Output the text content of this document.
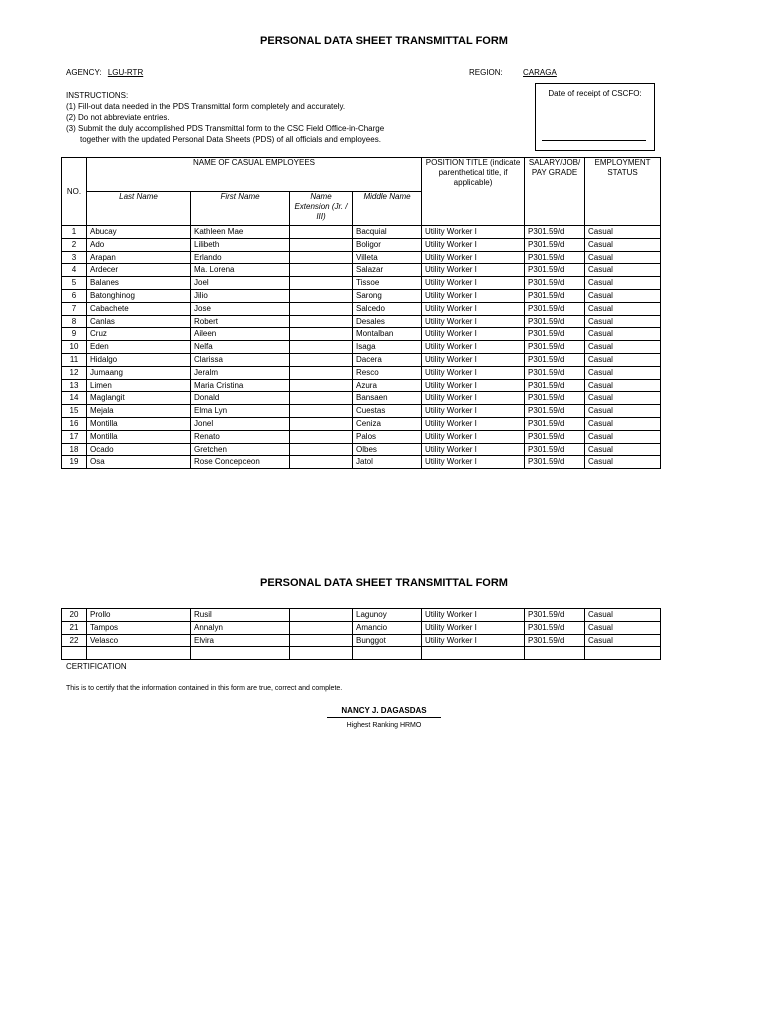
PERSONAL DATA SHEET TRANSMITTAL FORM
AGENCY: LGU-RTR	REGION:	CARAGA
Date of receipt of CSCFO:
INSTRUCTIONS:
(1) Fill-out data needed in the PDS Transmittal form completely and accurately.
(2) Do not abbreviate entries.
(3) Submit the duly accomplished PDS Transmittal form to the CSC Field Office-in-Charge
together with the updated Personal Data Sheets (PDS) of all officials and employees.
NO.	NAME OF CASUAL EMPLOYEES				POSITION TITLE (indicate parenthetical title, if applicable)	SALARY/JOB/ PAY GRADE	EMPLOYMENT STATUS
	Last Name	First Name	Name Extension (Jr. / III)	Middle Name			
1	Abucay	Kathleen Mae		Bacquial	Utility Worker I	P301.59/d	Casual
2	Ado	Lilibeth		Boligor	Utility Worker I	P301.59/d	Casual
3	Arapan	Erlando		Villeta	Utility Worker I	P301.59/d	Casual
4	Ardecer	Ma. Lorena		Salazar	Utility Worker I	P301.59/d	Casual
5	Balanes	Joel		Tissoe	Utility Worker I	P301.59/d	Casual
6	Batonghinog	Jilio		Sarong	Utility Worker I	P301.59/d	Casual
7	Cabachete	Jose		Salcedo	Utility Worker I	P301.59/d	Casual
8	Canlas	Robert		Desales	Utility Worker I	P301.59/d	Casual
9	Cruz	Aileen		Montalban	Utility Worker I	P301.59/d	Casual
10	Eden	Nelfa		Isaga	Utility Worker I	P301.59/d	Casual
11	Hidalgo	Clarissa		Dacera	Utility Worker I	P301.59/d	Casual
12	Jumaang	Jeralm		Resco	Utility Worker I	P301.59/d	Casual
13	Limen	Maria Cristina		Azura	Utility Worker I	P301.59/d	Casual
14	Maglangit	Donald		Bansaen	Utility Worker I	P301.59/d	Casual
15	Mejala	Elma Lyn		Cuestas	Utility Worker I	P301.59/d	Casual
16	Montilla	Jonel		Ceniza	Utility Worker I	P301.59/d	Casual
17	Montilla	Renato		Palos	Utility Worker I	P301.59/d	Casual
18	Ocado	Gretchen		Olbes	Utility Worker I	P301.59/d	Casual
19	Osa	Rose Concepceon		Jatol	Utility Worker I	P301.59/d	Casual
PERSONAL DATA SHEET TRANSMITTAL FORM
20	Prollo	Rusil		Lagunoy	Utility Worker I	P301.59/d	Casual
21	Tampos	Annalyn		Amancio	Utility Worker I	P301.59/d	Casual
22	Velasco	Elvira		Bunggot	Utility Worker I	P301.59/d	Casual

CERTIFICATION
This is to certify that the information contained in this form are true, correct and complete.
NANCY J. DAGASDAS
Highest Ranking HRMO
